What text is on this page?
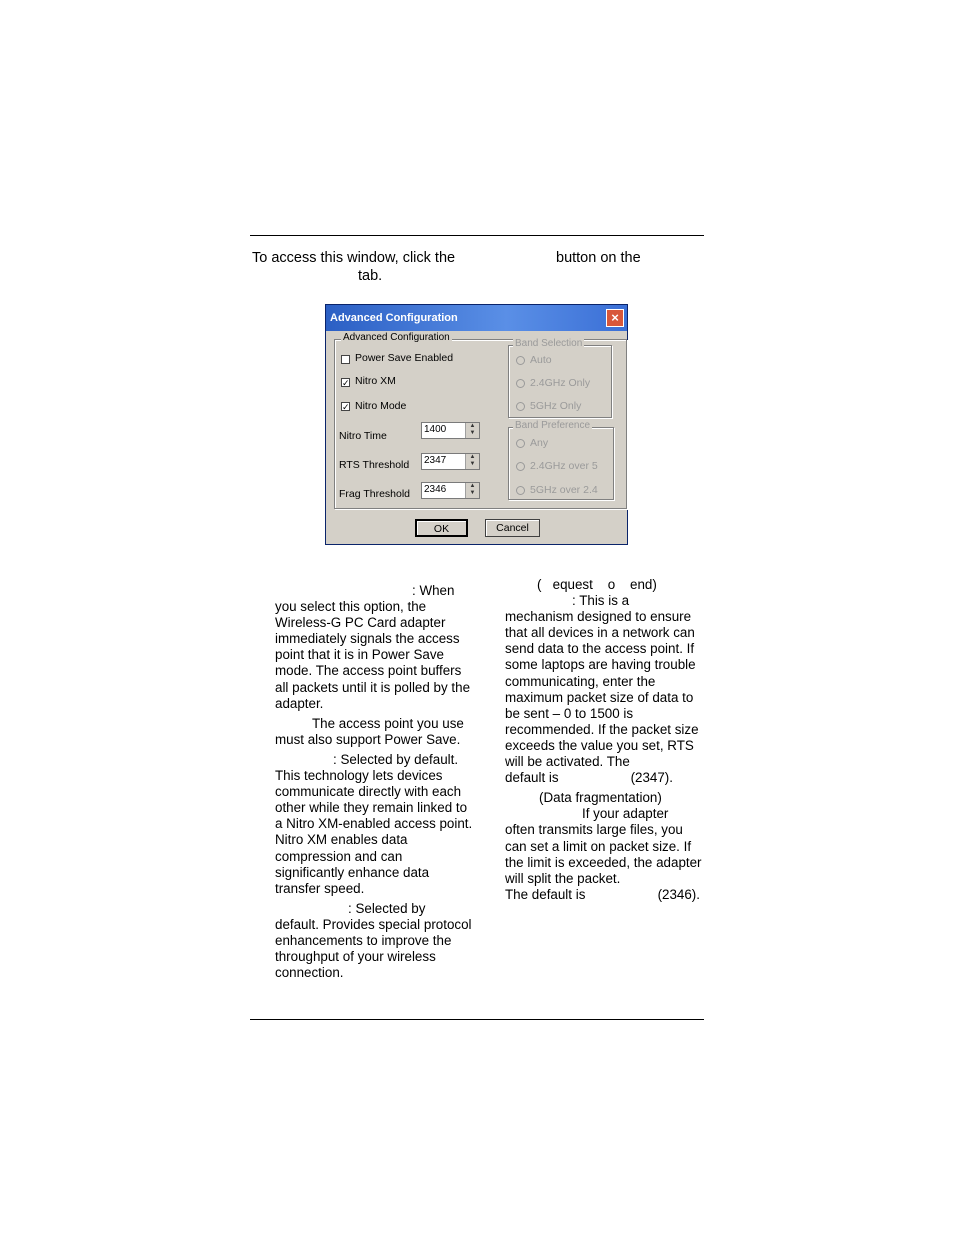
To access this window, click the	button on the
tab.
Advanced Configuration	×
Advanced Configuration
Power Save Enabled
✓ Nitro XM
✓ Nitro Mode
Nitro Time
1400	▲
▼
RTS Threshold 2347	▲
▼
Frag Threshold 2346	▲
▼
Band Selection
Auto
2.4GHz Only
5GHz Only
Band Preference
Any
2.4GHz over 5
5GHz over 2.4
OK	Cancel

: When
you select this option, the Wireless-G PC Card adapter immediately signals the access point that it is in Power Save mode. The access point buffers all packets until it is polled by the adapter.

The access point you use
must also support Power Save.

: Selected by default.
This technology lets devices communicate directly with each other while they remain linked to a Nitro XM-enabled access point. Nitro XM enables data compression and can significantly enhance data transfer speed.

: Selected by
default. Provides special protocol enhancements to improve the throughput of your wireless connection.

(   equest    o    end)
: This is a
mechanism designed to ensure that all devices in a network can send data to the access point. If some laptops are having trouble communicating, enter the maximum packet size of data to be sent – 0 to 1500 is recommended. If the packet size exceeds the value you set, RTS will be activated. The
default is	(2347).

(Data fragmentation)
If your adapter
often transmits large files, you can set a limit on packet size. If the limit is exceeded, the adapter will split the packet.
The default is	(2346).
